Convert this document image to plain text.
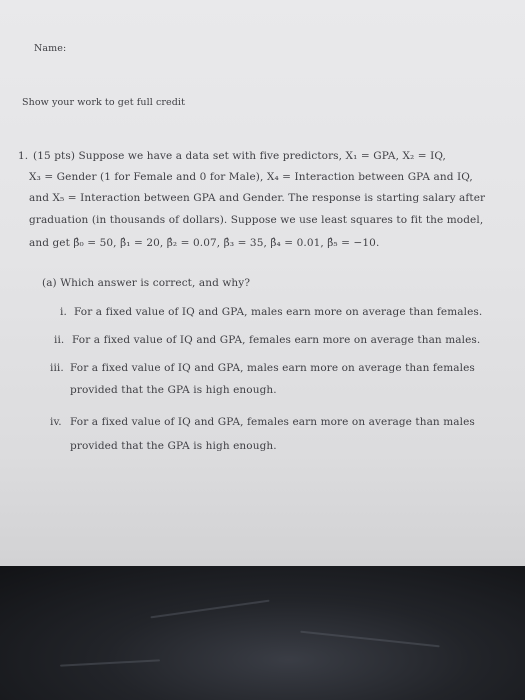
Name:
Show your work to get full credit
1. (15 pts) Suppose we have a data set with five predictors, X₁ = GPA, X₂ = IQ,
X₃ = Gender (1 for Female and 0 for Male), X₄ = Interaction between GPA and IQ,
and X₅ = Interaction between GPA and Gender. The response is starting salary after
graduation (in thousands of dollars). Suppose we use least squares to fit the model,
and get β̂₀ = 50, β̂₁ = 20, β̂₂ = 0.07, β̂₃ = 35, β̂₄ = 0.01, β̂₅ = −10.
(a) Which answer is correct, and why?
i. For a fixed value of IQ and GPA, males earn more on average than females.
ii. For a fixed value of IQ and GPA, females earn more on average than males.
iii. For a fixed value of IQ and GPA, males earn more on average than females
provided that the GPA is high enough.
iv. For a fixed value of IQ and GPA, females earn more on average than males
provided that the GPA is high enough.
